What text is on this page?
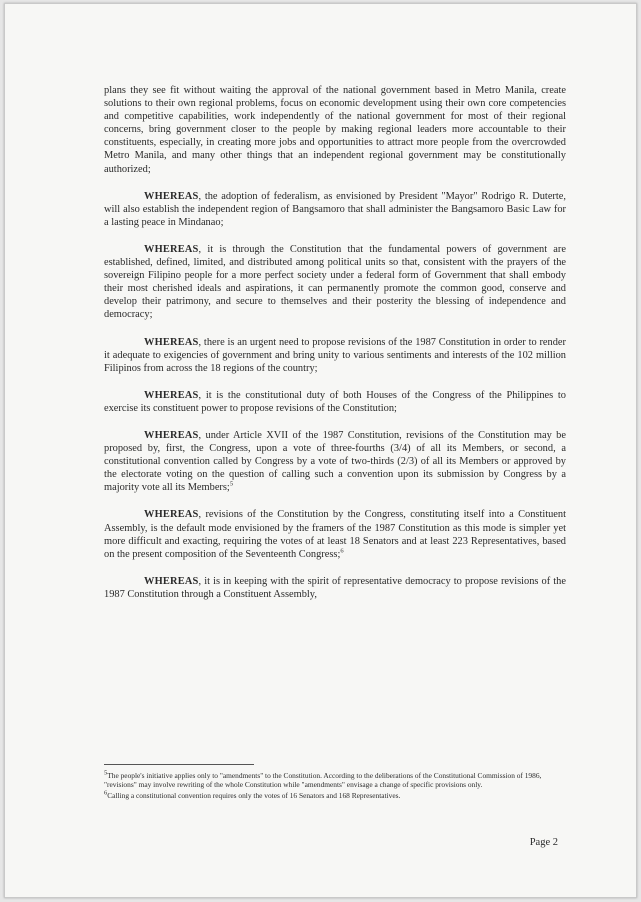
plans they see fit without waiting the approval of the national government based in Metro Manila, create solutions to their own regional problems, focus on economic development using their own core competencies and competitive capabilities, work independently of the national government for most of their regional concerns, bring government closer to the people by making regional leaders more accountable to their constituents, especially, in creating more jobs and opportunities to attract more people from the overcrowded Metro Manila, and many other things that an independent regional government may be constitutionally authorized;

WHEREAS, the adoption of federalism, as envisioned by President "Mayor" Rodrigo R. Duterte, will also establish the independent region of Bangsamoro that shall administer the Bangsamoro Basic Law for a lasting peace in Mindanao;

WHEREAS, it is through the Constitution that the fundamental powers of government are established, defined, limited, and distributed among political units so that, consistent with the prayers of the sovereign Filipino people for a more perfect society under a federal form of Government that shall embody their most cherished ideals and aspirations, it can permanently promote the common good, conserve and develop their patrimony, and secure to themselves and their posterity the blessing of independence and democracy;

WHEREAS, there is an urgent need to propose revisions of the 1987 Constitution in order to render it adequate to exigencies of government and bring unity to various sentiments and interests of the 102 million Filipinos from across the 18 regions of the country;

WHEREAS, it is the constitutional duty of both Houses of the Congress of the Philippines to exercise its constituent power to propose revisions of the Constitution;

WHEREAS, under Article XVII of the 1987 Constitution, revisions of the Constitution may be proposed by, first, the Congress, upon a vote of three-fourths (3/4) of all its Members, or second, a constitutional convention called by Congress by a vote of two-thirds (2/3) of all its Members or approved by the electorate voting on the question of calling such a convention upon its submission by Congress by a majority vote all its Members;$^5$

WHEREAS, revisions of the Constitution by the Congress, constituting itself into a Constituent Assembly, is the default mode envisioned by the framers of the 1987 Constitution as this mode is simpler yet more difficult and exacting, requiring the votes of at least 18 Senators and at least 223 Representatives, based on the present composition of the Seventeenth Congress;$^6$

WHEREAS, it is in keeping with the spirit of representative democracy to propose revisions of the 1987 Constitution through a Constituent Assembly,

$^5$The people's initiative applies only to "amendments" to the Constitution. According to the deliberations of the Constitutional Commission of 1986, "revisions" may involve rewriting of the whole Constitution while "amendments" envisage a change of specific provisions only.

$^6$Calling a constitutional convention requires only the votes of 16 Senators and 168 Representatives.

Page 2
